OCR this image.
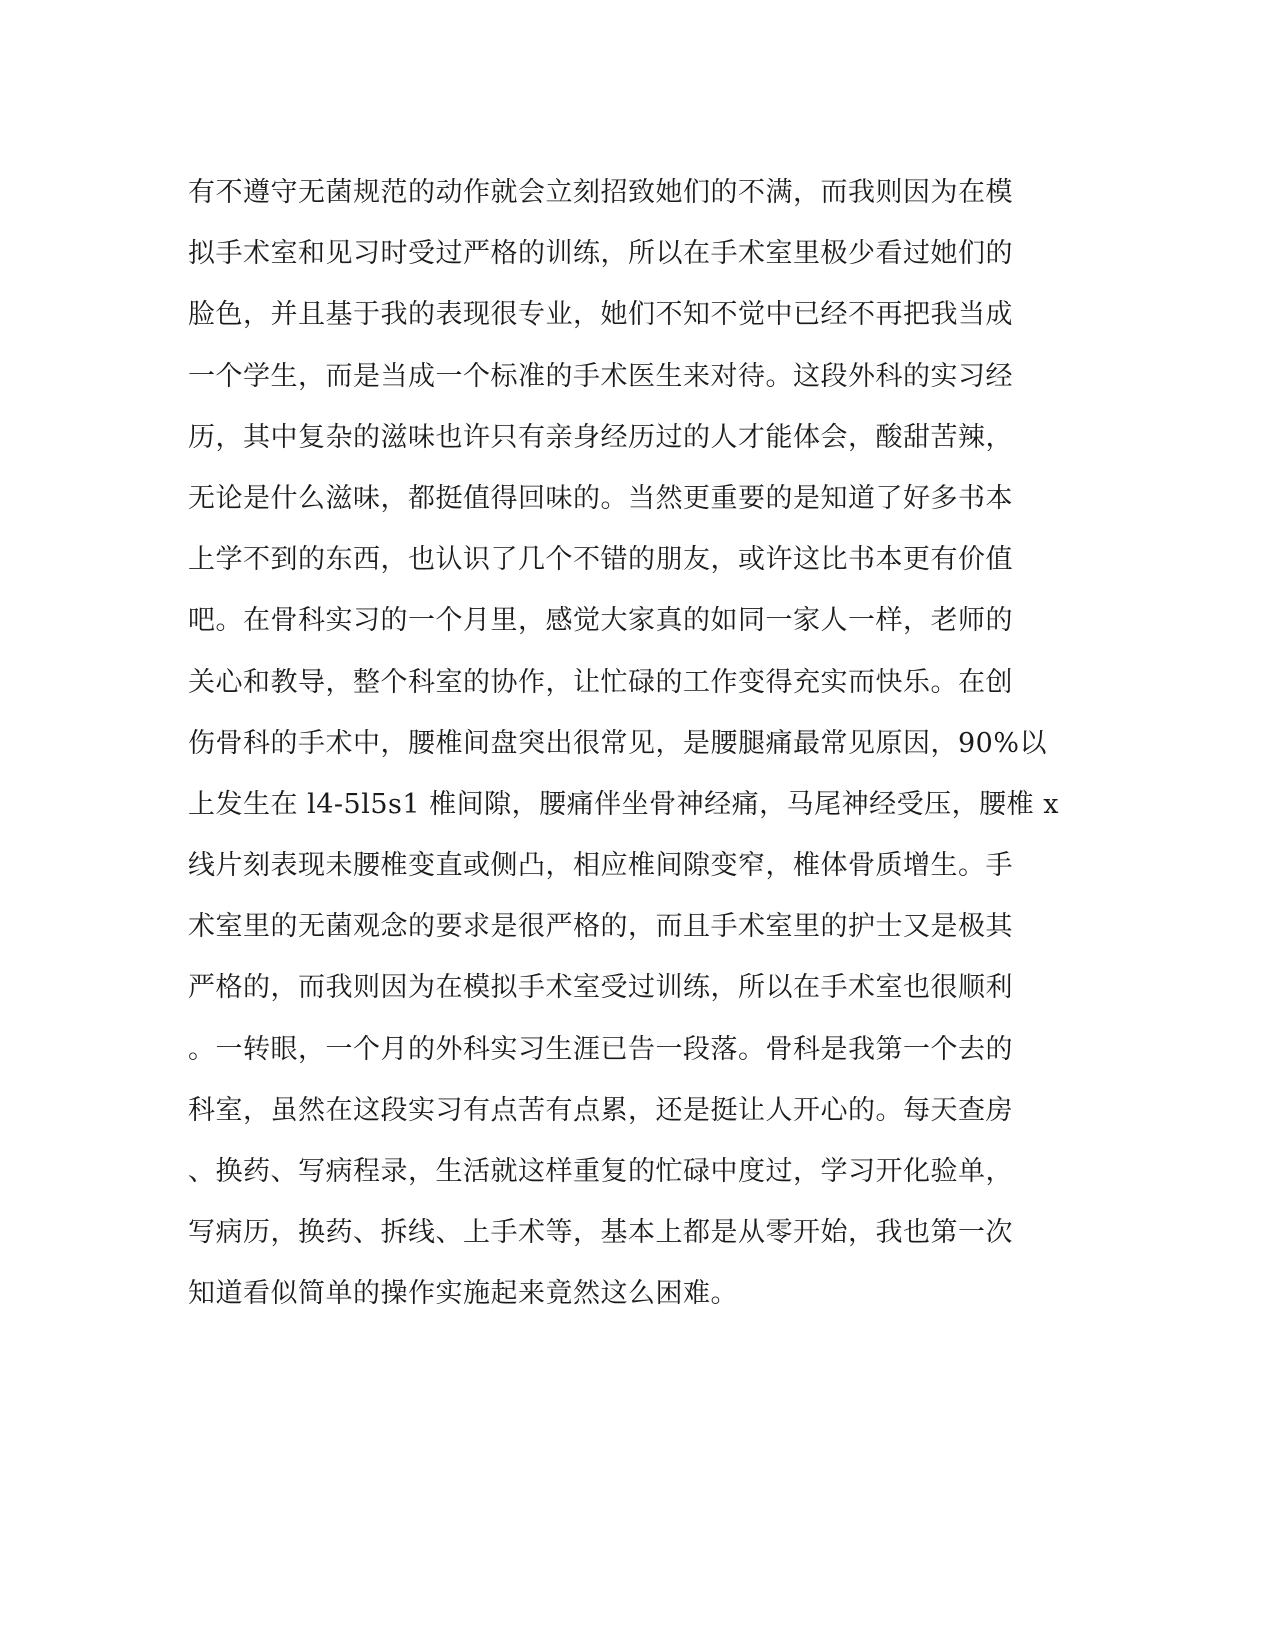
有不遵守无菌规范的动作就会立刻招致她们的不满，而我则因为在模
拟手术室和见习时受过严格的训练，所以在手术室里极少看过她们的
脸色，并且基于我的表现很专业，她们不知不觉中已经不再把我当成
一个学生，而是当成一个标准的手术医生来对待。这段外科的实习经
历，其中复杂的滋味也许只有亲身经历过的人才能体会，酸甜苦辣，
无论是什么滋味，都挺值得回味的。当然更重要的是知道了好多书本
上学不到的东西，也认识了几个不错的朋友，或许这比书本更有价值
吧。在骨科实习的一个月里，感觉大家真的如同一家人一样，老师的
关心和教导，整个科室的协作，让忙碌的工作变得充实而快乐。在创
伤骨科的手术中，腰椎间盘突出很常见，是腰腿痛最常见原因，90%以
上发生在 l4-5l5s1 椎间隙，腰痛伴坐骨神经痛，马尾神经受压，腰椎 x
线片刻表现未腰椎变直或侧凸，相应椎间隙变窄，椎体骨质增生。手
术室里的无菌观念的要求是很严格的，而且手术室里的护士又是极其
严格的，而我则因为在模拟手术室受过训练，所以在手术室也很顺利
。一转眼，一个月的外科实习生涯已告一段落。骨科是我第一个去的
科室，虽然在这段实习有点苦有点累，还是挺让人开心的。每天查房
、换药、写病程录，生活就这样重复的忙碌中度过，学习开化验单，
写病历，换药、拆线、上手术等，基本上都是从零开始，我也第一次
知道看似简单的操作实施起来竟然这么困难。
